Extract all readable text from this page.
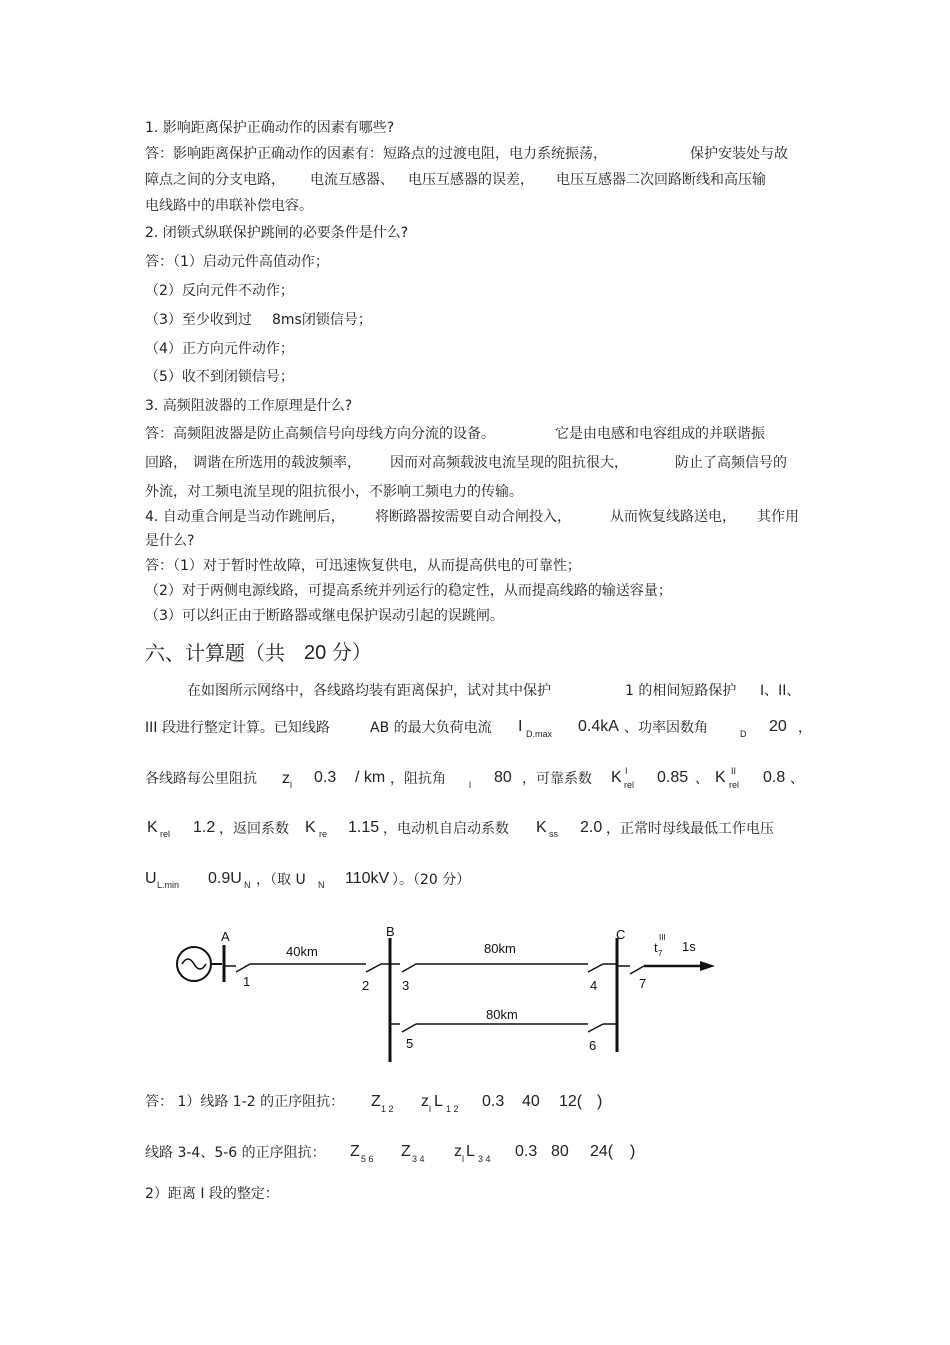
1. 影响距离保护正确动作的因素有哪些?
答：影响距离保护正确动作的因素有：短路点的过渡电阻，电力系统振荡，	保护安装处与故
障点之间的分支电路， 电流互感器、 电压互感器的误差， 电压互感器二次回路断线和高压输
电线路中的串联补偿电容。
2. 闭锁式纵联保护跳闸的必要条件是什么?
答：（1）启动元件高值动作；
（2）反向元件不动作；
（3）至少收到过 8ms闭锁信号；
（4）正方向元件动作；
（5）收不到闭锁信号；
3. 高频阻波器的工作原理是什么?
答：高频阻波器是防止高频信号向母线方向分流的设备。	它是由电感和电容组成的并联谐振
回路， 调谐在所选用的载波频率， 因而对高频载波电流呈现的阻抗很大，	防止了高频信号的
外流，对工频电流呈现的阻抗很小，不影响工频电力的传输。
4. 自动重合闸是当动作跳闸后， 将断路器按需要自动合闸投入，	从而恢复线路送电， 其作用
是什么?
答：（1）对于暂时性故障，可迅速恢复供电，从而提高供电的可靠性；
（2）对于两侧电源线路，可提高系统并列运行的稳定性，从而提高线路的输送容量；
（3）可以纠正由于断路器或继电保护误动引起的误跳闸。
六、计算题（共 20 分）
在如图所示网络中，各线路均装有距离保护，试对其中保护	1 的相间短路保护 I、II、
III 段进行整定计算。已知线路	AB 的最大负荷电流 I D.max 0.4kA 、功率因数角	D 20 ，
各线路每公里阻抗 z l 0.3 / km ，阻抗角	l 80 ，可靠系数 K I
rel 0.85 、 K II
rel 0.8 、
K rel 1.2 ，返回系数 K re 1.15 ，电动机自启动系数 K ss 2.0 ，正常时母线最低工作电压
U L.min 0.9U N ，（取 U N 110kV ）。（20 分）
A	B	C
40km
1	2
80km
3	4
80km
5	6
7
t 7
III
1s
答： 1）线路 1-2 的正序阻抗： Z 1 2 z l L 1 2 0.3 40 12( )
线路 3-4、5-6 的正序阻抗： Z 5 6 Z 3 4 z l L 3 4 0.3 80 24( )
2）距离 I 段的整定：
